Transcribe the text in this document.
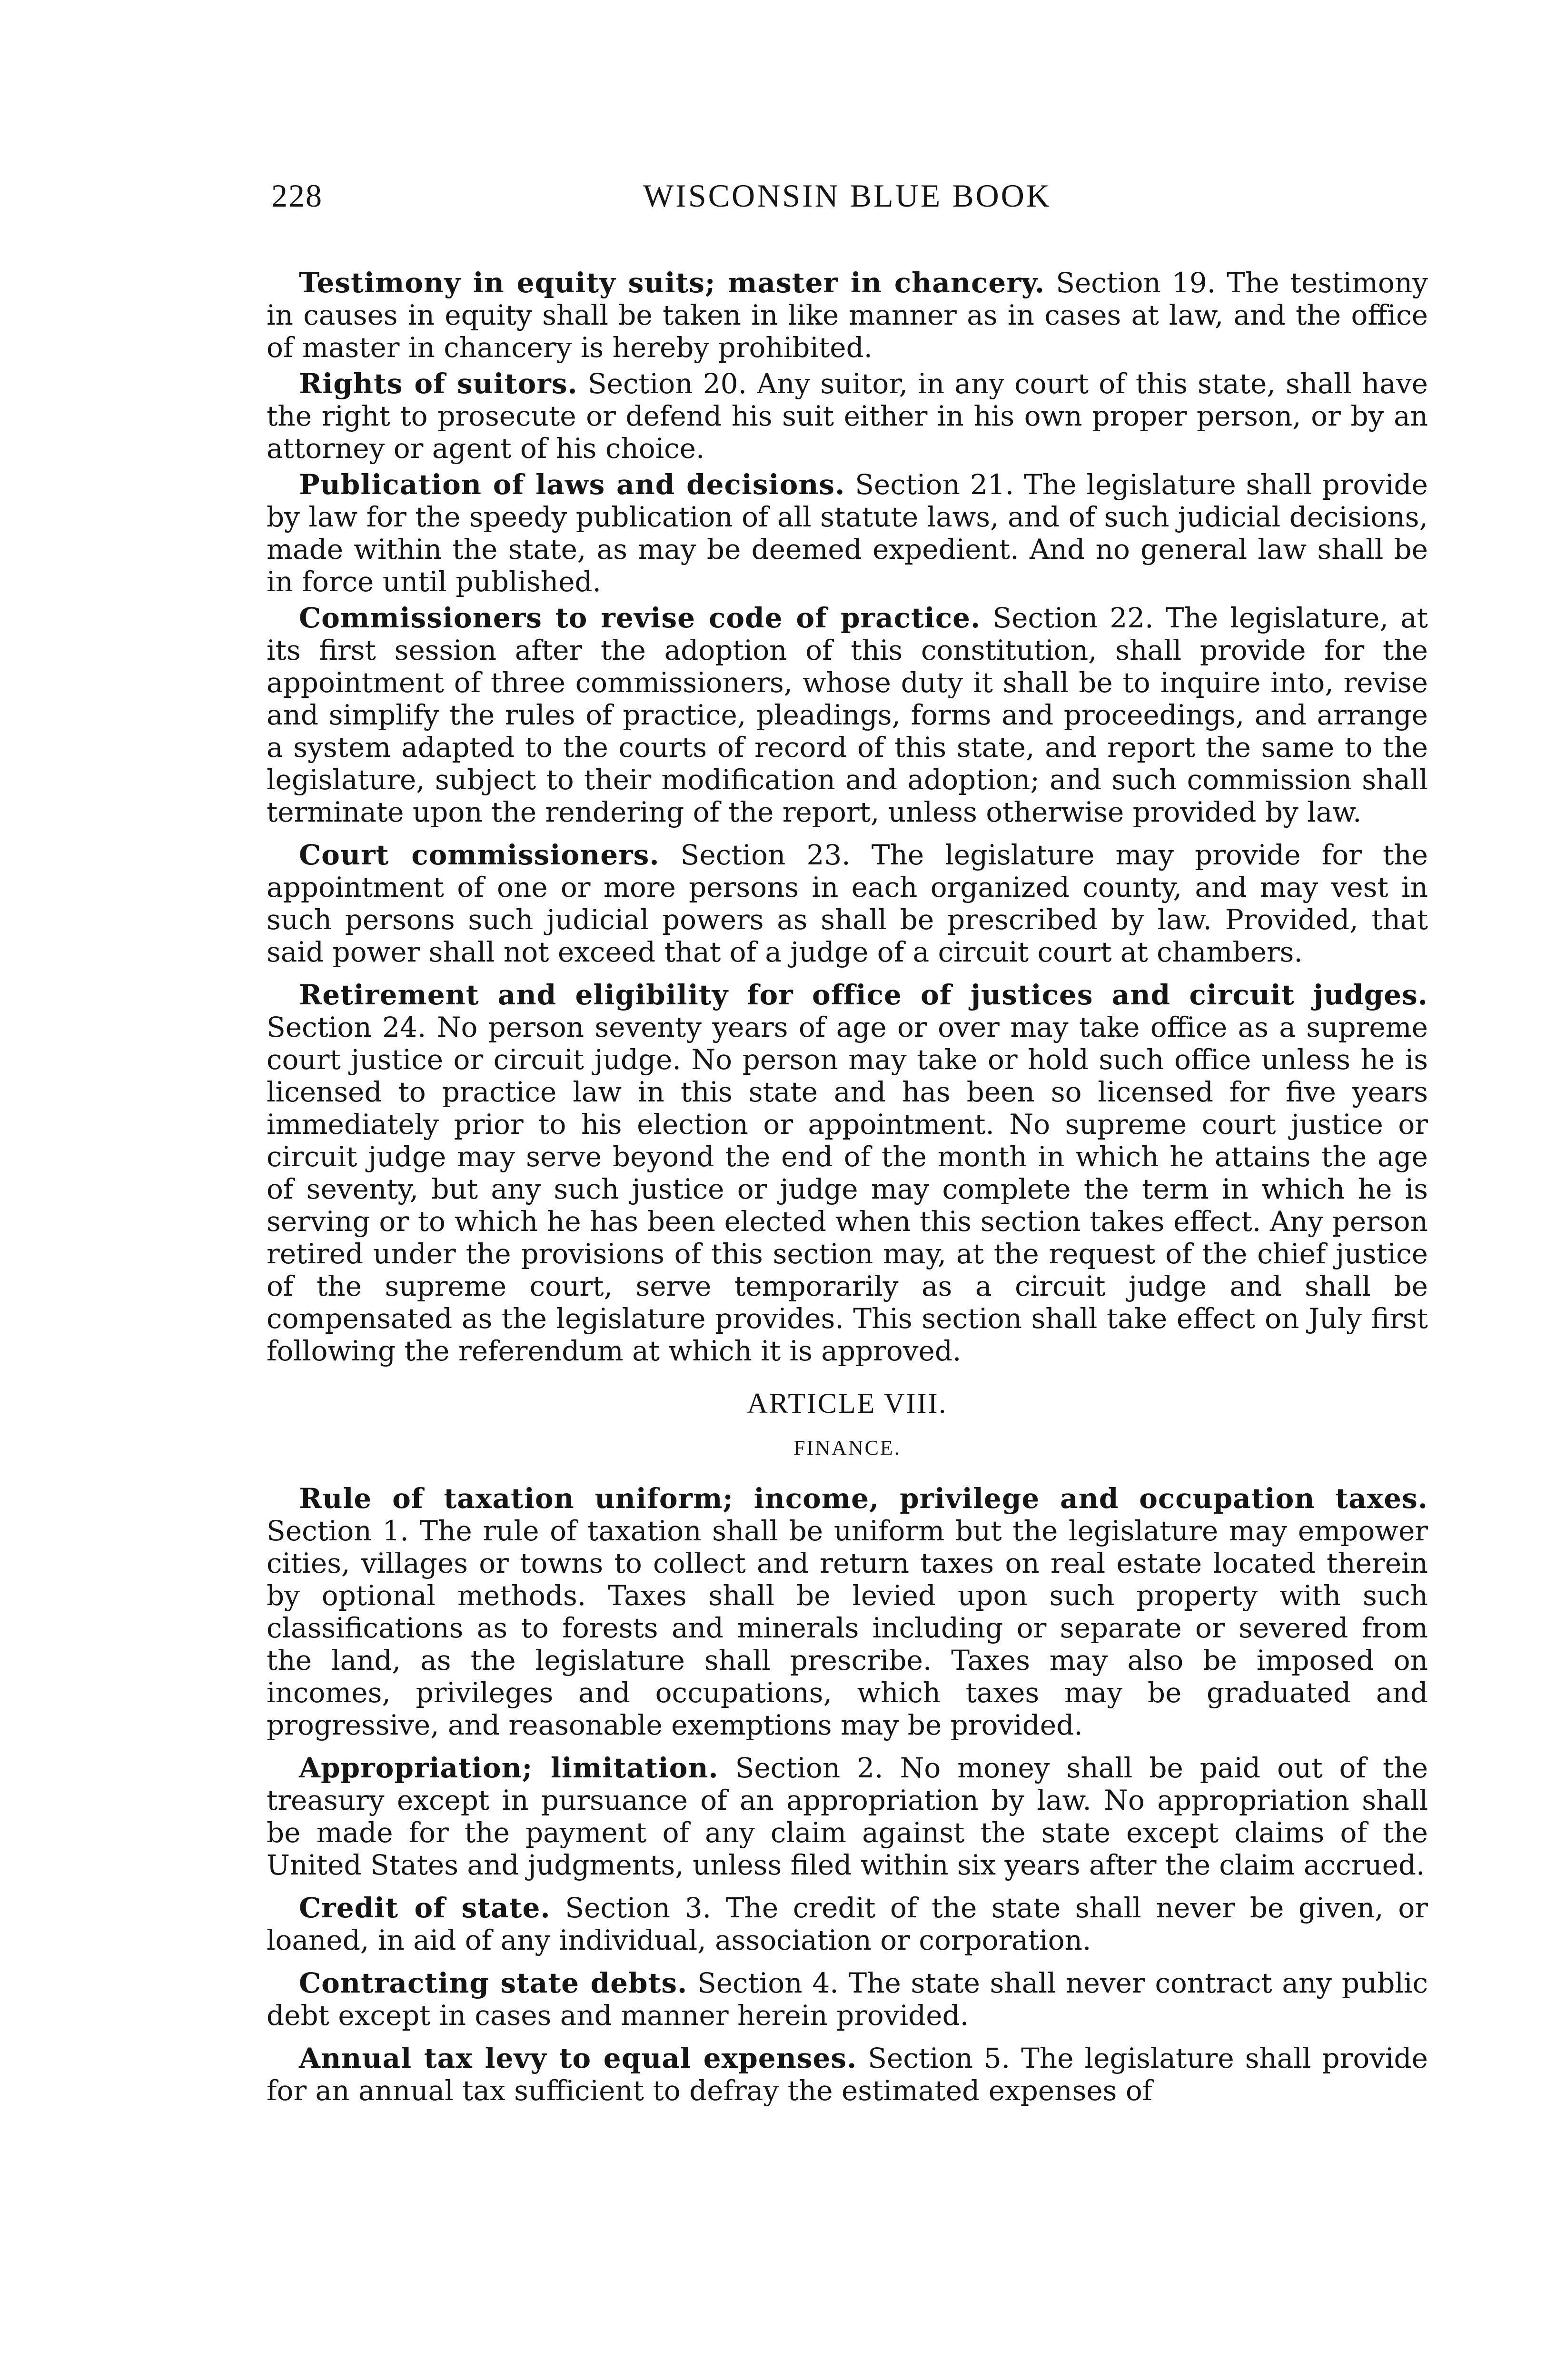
228	WISCONSIN BLUE BOOK

Testimony in equity suits; master in chancery. Section 19. The testimony in causes in equity shall be taken in like manner as in cases at law, and the office of master in chancery is hereby prohibited.

Rights of suitors. Section 20. Any suitor, in any court of this state, shall have the right to prosecute or defend his suit either in his own proper person, or by an attorney or agent of his choice.

Publication of laws and decisions. Section 21. The legislature shall provide by law for the speedy publication of all statute laws, and of such judicial decisions, made within the state, as may be deemed expedient. And no general law shall be in force until published.

Commissioners to revise code of practice. Section 22. The legislature, at its first session after the adoption of this constitution, shall provide for the appointment of three commissioners, whose duty it shall be to inquire into, revise and simplify the rules of practice, pleadings, forms and proceedings, and arrange a system adapted to the courts of record of this state, and report the same to the legislature, subject to their modification and adoption; and such commission shall terminate upon the rendering of the report, unless otherwise provided by law.

Court commissioners. Section 23. The legislature may provide for the appointment of one or more persons in each organized county, and may vest in such persons such judicial powers as shall be prescribed by law. Provided, that said power shall not exceed that of a judge of a circuit court at chambers.

Retirement and eligibility for office of justices and circuit judges. Section 24. No person seventy years of age or over may take office as a supreme court justice or circuit judge. No person may take or hold such office unless he is licensed to practice law in this state and has been so licensed for five years immediately prior to his election or appointment. No supreme court justice or circuit judge may serve beyond the end of the month in which he attains the age of seventy, but any such justice or judge may complete the term in which he is serving or to which he has been elected when this section takes effect. Any person retired under the provisions of this section may, at the request of the chief justice of the supreme court, serve temporarily as a circuit judge and shall be compensated as the legislature provides. This section shall take effect on July first following the referendum at which it is approved.

ARTICLE VIII.
FINANCE.

Rule of taxation uniform; income, privilege and occupation taxes. Section 1. The rule of taxation shall be uniform but the legislature may empower cities, villages or towns to collect and return taxes on real estate located therein by optional methods. Taxes shall be levied upon such property with such classifications as to forests and minerals including or separate or severed from the land, as the legislature shall prescribe. Taxes may also be imposed on incomes, privileges and occupations, which taxes may be graduated and progressive, and reasonable exemptions may be provided.

Appropriation; limitation. Section 2. No money shall be paid out of the treasury except in pursuance of an appropriation by law. No appropriation shall be made for the payment of any claim against the state except claims of the United States and judgments, unless filed within six years after the claim accrued.

Credit of state. Section 3. The credit of the state shall never be given, or loaned, in aid of any individual, association or corporation.

Contracting state debts. Section 4. The state shall never contract any public debt except in cases and manner herein provided.

Annual tax levy to equal expenses. Section 5. The legislature shall provide for an annual tax sufficient to defray the estimated expenses of
